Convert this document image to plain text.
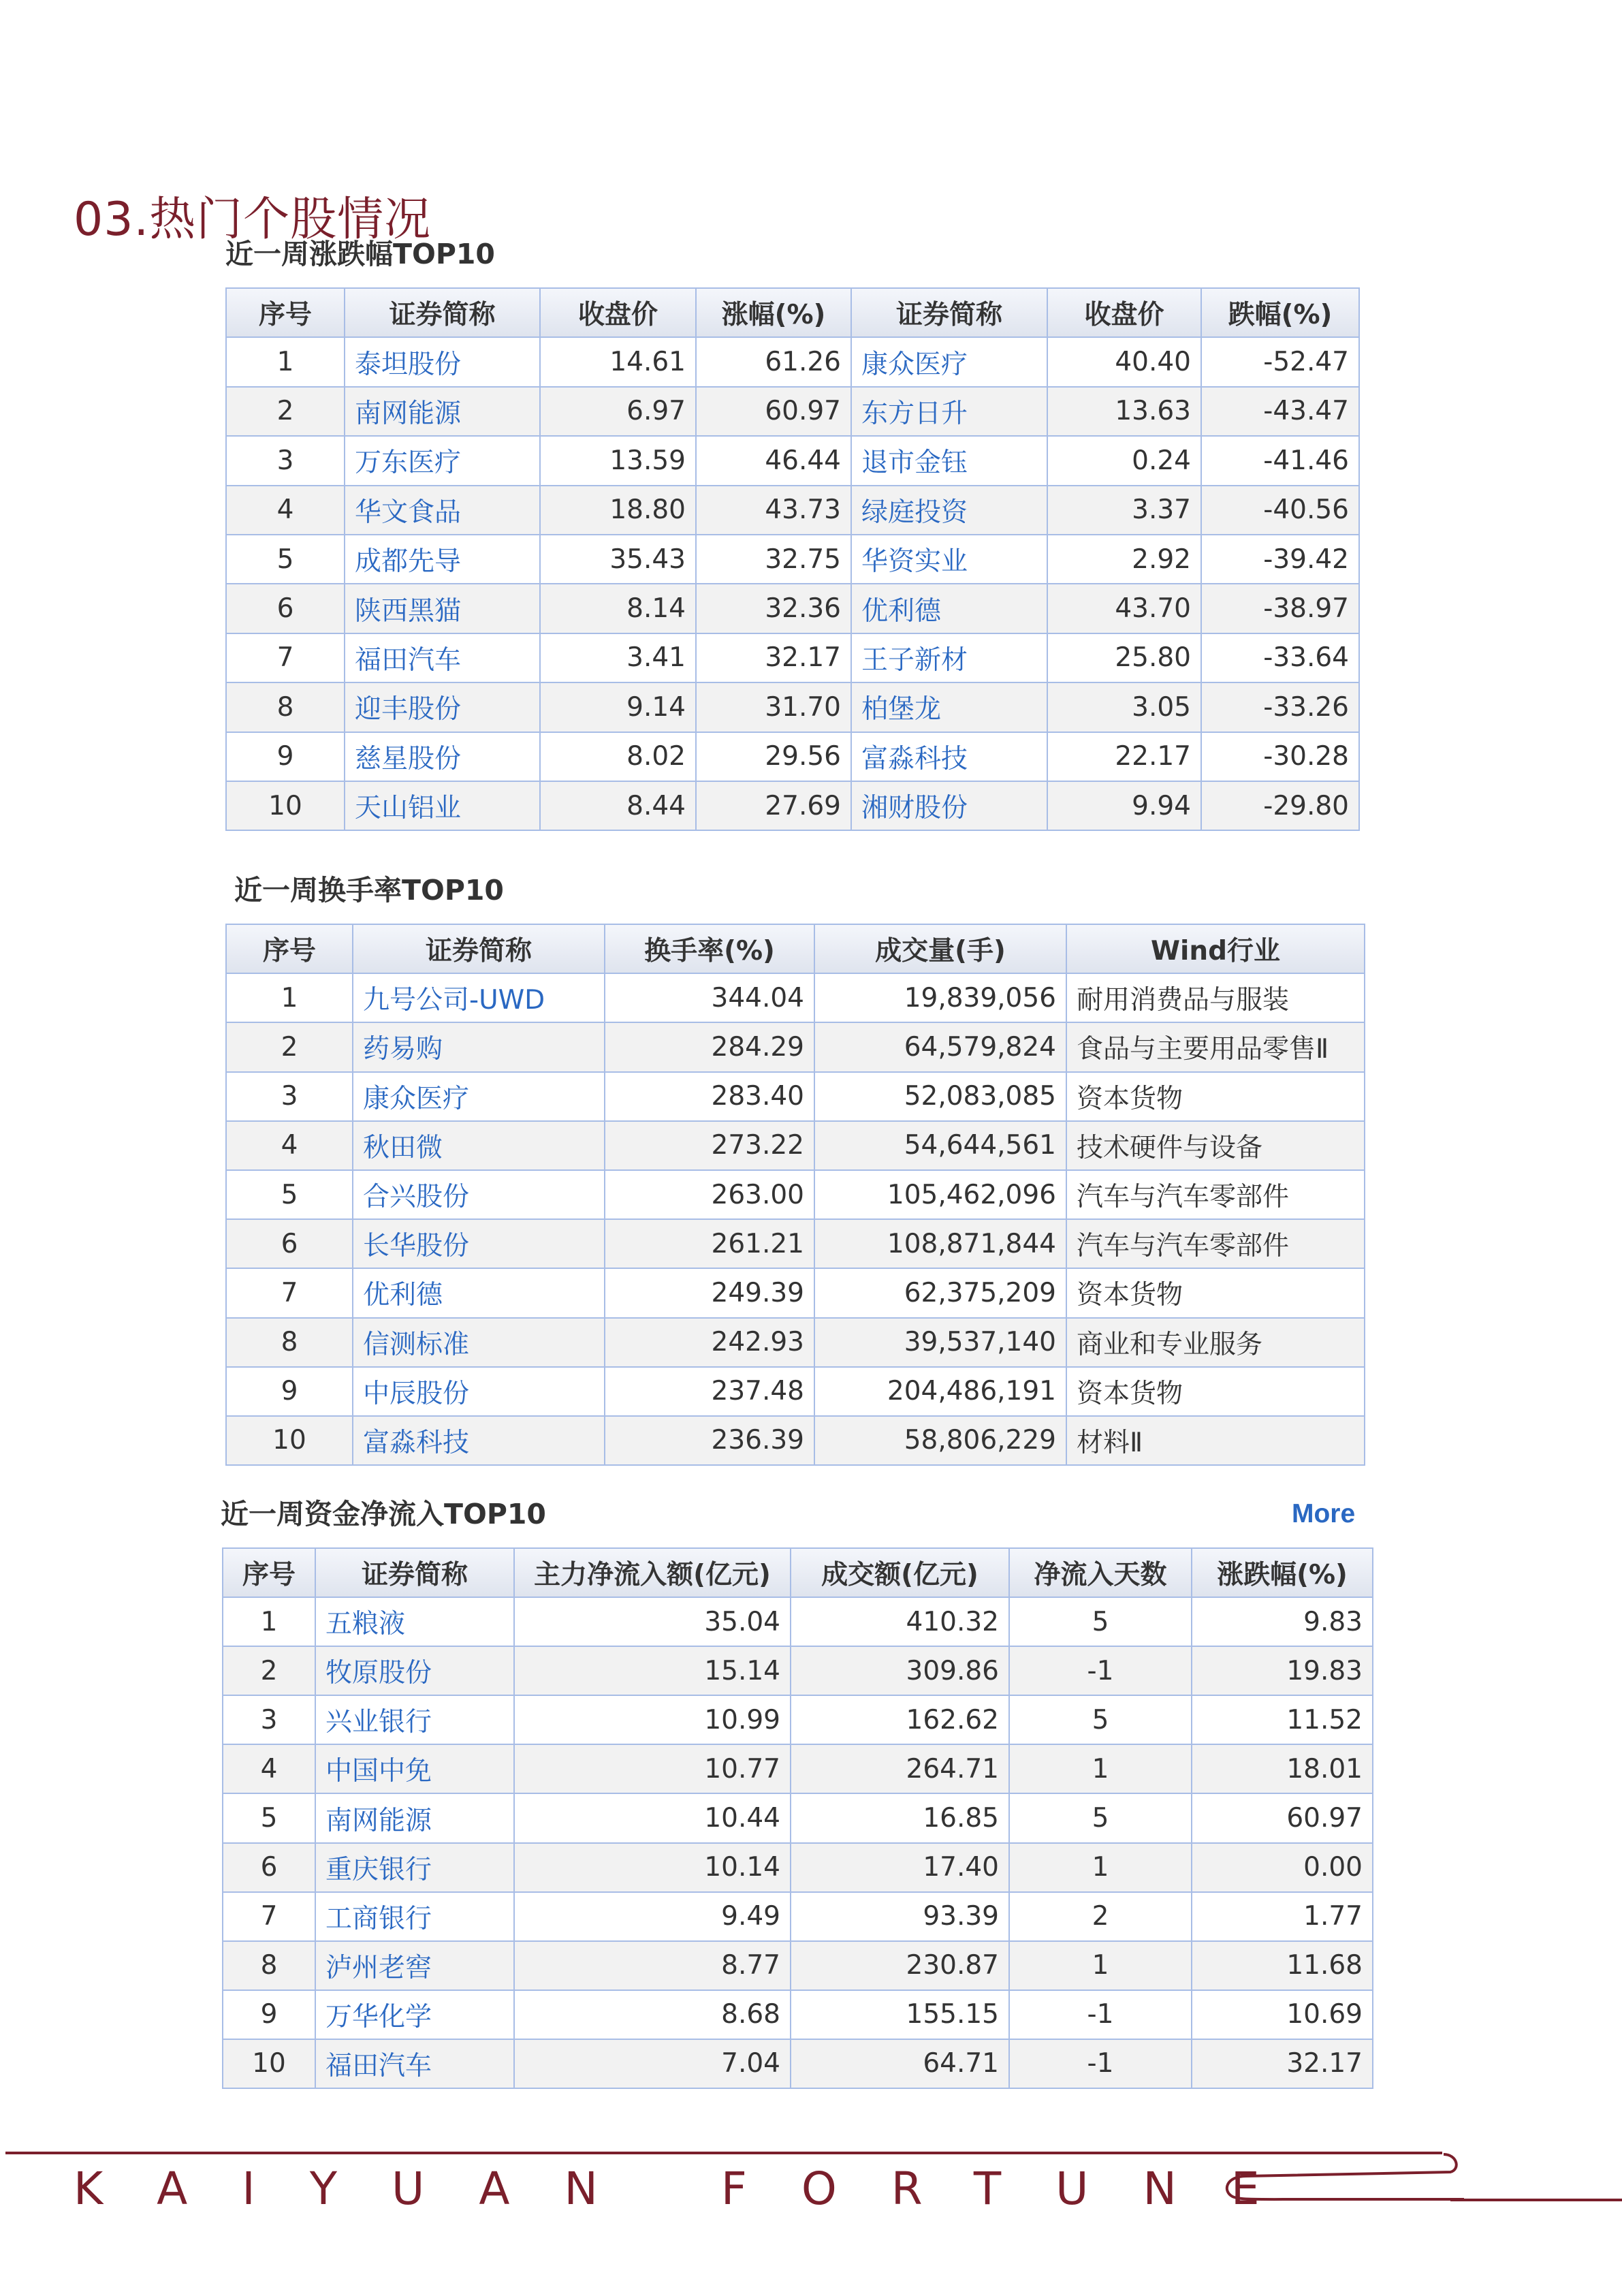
03.热门个股情况
近一周涨跌幅TOP10
序号	证券简称	收盘价	涨幅(%)	证券简称	收盘价	跌幅(%)
1	泰坦股份	14.61	61.26	康众医疗	40.40	-52.47
2	南网能源	6.97	60.97	东方日升	13.63	-43.47
3	万东医疗	13.59	46.44	退市金钰	0.24	-41.46
4	华文食品	18.80	43.73	绿庭投资	3.37	-40.56
5	成都先导	35.43	32.75	华资实业	2.92	-39.42
6	陕西黑猫	8.14	32.36	优利德	43.70	-38.97
7	福田汽车	3.41	32.17	王子新材	25.80	-33.64
8	迎丰股份	9.14	31.70	柏堡龙	3.05	-33.26
9	慈星股份	8.02	29.56	富淼科技	22.17	-30.28
10	天山铝业	8.44	27.69	湘财股份	9.94	-29.80
近一周换手率TOP10
序号	证券简称	换手率(%)	成交量(手)	Wind行业
1	九号公司-UWD	344.04	19,839,056	耐用消费品与服装
2	药易购	284.29	64,579,824	食品与主要用品零售Ⅱ
3	康众医疗	283.40	52,083,085	资本货物
4	秋田微	273.22	54,644,561	技术硬件与设备
5	合兴股份	263.00	105,462,096	汽车与汽车零部件
6	长华股份	261.21	108,871,844	汽车与汽车零部件
7	优利德	249.39	62,375,209	资本货物
8	信测标准	242.93	39,537,140	商业和专业服务
9	中辰股份	237.48	204,486,191	资本货物
10	富淼科技	236.39	58,806,229	材料Ⅱ
近一周资金净流入TOP10	More
序号	证券简称	主力净流入额(亿元)	成交额(亿元)	净流入天数	涨跌幅(%)
1	五粮液	35.04	410.32	5	9.83
2	牧原股份	15.14	309.86	-1	19.83
3	兴业银行	10.99	162.62	5	11.52
4	中国中免	10.77	264.71	1	18.01
5	南网能源	10.44	16.85	5	60.97
6	重庆银行	10.14	17.40	1	0.00
7	工商银行	9.49	93.39	2	1.77
8	泸州老窖	8.77	230.87	1	11.68
9	万华化学	8.68	155.15	-1	10.69
10	福田汽车	7.04	64.71	-1	32.17
KAIYUAN FORTUNE
